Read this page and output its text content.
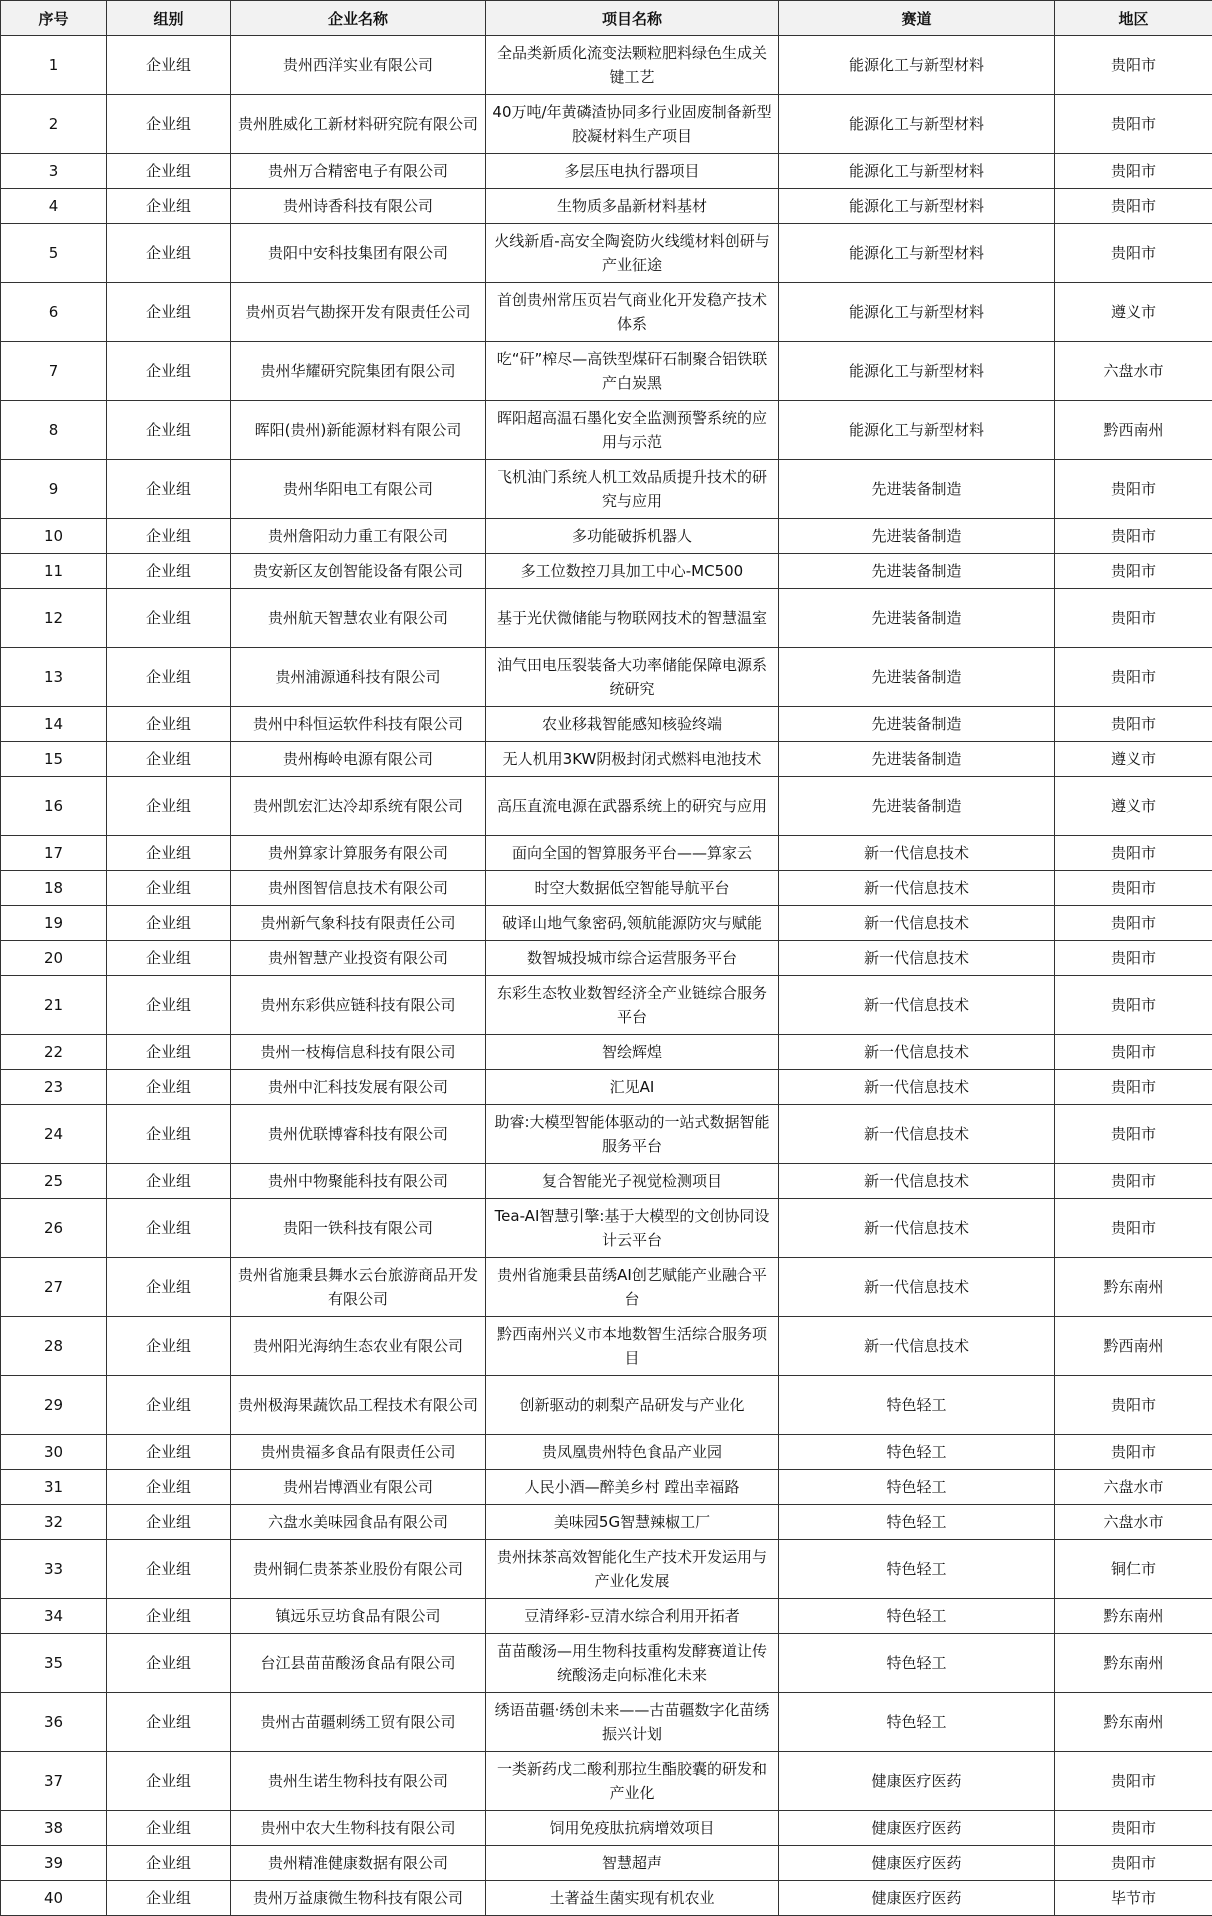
序号	组别	企业名称	项目名称	赛道	地区
1	企业组	贵州西洋实业有限公司	全品类新质化流变法颗粒肥料绿色生成关键工艺	能源化工与新型材料	贵阳市
2	企业组	贵州胜威化工新材料研究院有限公司	40万吨/年黄磷渣协同多行业固废制备新型胶凝材料生产项目	能源化工与新型材料	贵阳市
3	企业组	贵州万合精密电子有限公司	多层压电执行器项目	能源化工与新型材料	贵阳市
4	企业组	贵州诗香科技有限公司	生物质多晶新材料基材	能源化工与新型材料	贵阳市
5	企业组	贵阳中安科技集团有限公司	火线新盾-高安全陶瓷防火线缆材料创研与产业征途	能源化工与新型材料	贵阳市
6	企业组	贵州页岩气勘探开发有限责任公司	首创贵州常压页岩气商业化开发稳产技术体系	能源化工与新型材料	遵义市
7	企业组	贵州华耀研究院集团有限公司	吃“矸”榨尽—高铁型煤矸石制聚合铝铁联产白炭黑	能源化工与新型材料	六盘水市
8	企业组	晖阳(贵州)新能源材料有限公司	晖阳超高温石墨化安全监测预警系统的应用与示范	能源化工与新型材料	黔西南州
9	企业组	贵州华阳电工有限公司	飞机油门系统人机工效品质提升技术的研究与应用	先进装备制造	贵阳市
10	企业组	贵州詹阳动力重工有限公司	多功能破拆机器人	先进装备制造	贵阳市
11	企业组	贵安新区友创智能设备有限公司	多工位数控刀具加工中心-MC500	先进装备制造	贵阳市
12	企业组	贵州航天智慧农业有限公司	基于光伏微储能与物联网技术的智慧温室	先进装备制造	贵阳市
13	企业组	贵州浦源通科技有限公司	油气田电压裂装备大功率储能保障电源系统研究	先进装备制造	贵阳市
14	企业组	贵州中科恒运软件科技有限公司	农业移栽智能感知核验终端	先进装备制造	贵阳市
15	企业组	贵州梅岭电源有限公司	无人机用3KW阴极封闭式燃料电池技术	先进装备制造	遵义市
16	企业组	贵州凯宏汇达冷却系统有限公司	高压直流电源在武器系统上的研究与应用	先进装备制造	遵义市
17	企业组	贵州算家计算服务有限公司	面向全国的智算服务平台——算家云	新一代信息技术	贵阳市
18	企业组	贵州图智信息技术有限公司	时空大数据低空智能导航平台	新一代信息技术	贵阳市
19	企业组	贵州新气象科技有限责任公司	破译山地气象密码,领航能源防灾与赋能	新一代信息技术	贵阳市
20	企业组	贵州智慧产业投资有限公司	数智城投城市综合运营服务平台	新一代信息技术	贵阳市
21	企业组	贵州东彩供应链科技有限公司	东彩生态牧业数智经济全产业链综合服务平台	新一代信息技术	贵阳市
22	企业组	贵州一枝梅信息科技有限公司	智绘辉煌	新一代信息技术	贵阳市
23	企业组	贵州中汇科技发展有限公司	汇见AI	新一代信息技术	贵阳市
24	企业组	贵州优联博睿科技有限公司	助睿:大模型智能体驱动的一站式数据智能服务平台	新一代信息技术	贵阳市
25	企业组	贵州中物聚能科技有限公司	复合智能光子视觉检测项目	新一代信息技术	贵阳市
26	企业组	贵阳一铁科技有限公司	Tea-AI智慧引擎:基于大模型的文创协同设计云平台	新一代信息技术	贵阳市
27	企业组	贵州省施秉县舞水云台旅游商品开发有限公司	贵州省施秉县苗绣AI创艺赋能产业融合平台	新一代信息技术	黔东南州
28	企业组	贵州阳光海纳生态农业有限公司	黔西南州兴义市本地数智生活综合服务项目	新一代信息技术	黔西南州
29	企业组	贵州极海果蔬饮品工程技术有限公司	创新驱动的刺梨产品研发与产业化	特色轻工	贵阳市
30	企业组	贵州贵福多食品有限责任公司	贵凤凰贵州特色食品产业园	特色轻工	贵阳市
31	企业组	贵州岩博酒业有限公司	人民小酒—醉美乡村 蹚出幸福路	特色轻工	六盘水市
32	企业组	六盘水美味园食品有限公司	美味园5G智慧辣椒工厂	特色轻工	六盘水市
33	企业组	贵州铜仁贵茶茶业股份有限公司	贵州抹茶高效智能化生产技术开发运用与产业化发展	特色轻工	铜仁市
34	企业组	镇远乐豆坊食品有限公司	豆清绎彩-豆清水综合利用开拓者	特色轻工	黔东南州
35	企业组	台江县苗苗酸汤食品有限公司	苗苗酸汤—用生物科技重构发酵赛道让传统酸汤走向标准化未来	特色轻工	黔东南州
36	企业组	贵州古苗疆刺绣工贸有限公司	绣语苗疆·绣创未来——古苗疆数字化苗绣振兴计划	特色轻工	黔东南州
37	企业组	贵州生诺生物科技有限公司	一类新药戊二酸利那拉生酯胶囊的研发和产业化	健康医疗医药	贵阳市
38	企业组	贵州中农大生物科技有限公司	饲用免疫肽抗病增效项目	健康医疗医药	贵阳市
39	企业组	贵州精准健康数据有限公司	智慧超声	健康医疗医药	贵阳市
40	企业组	贵州万益康微生物科技有限公司	土著益生菌实现有机农业	健康医疗医药	毕节市
